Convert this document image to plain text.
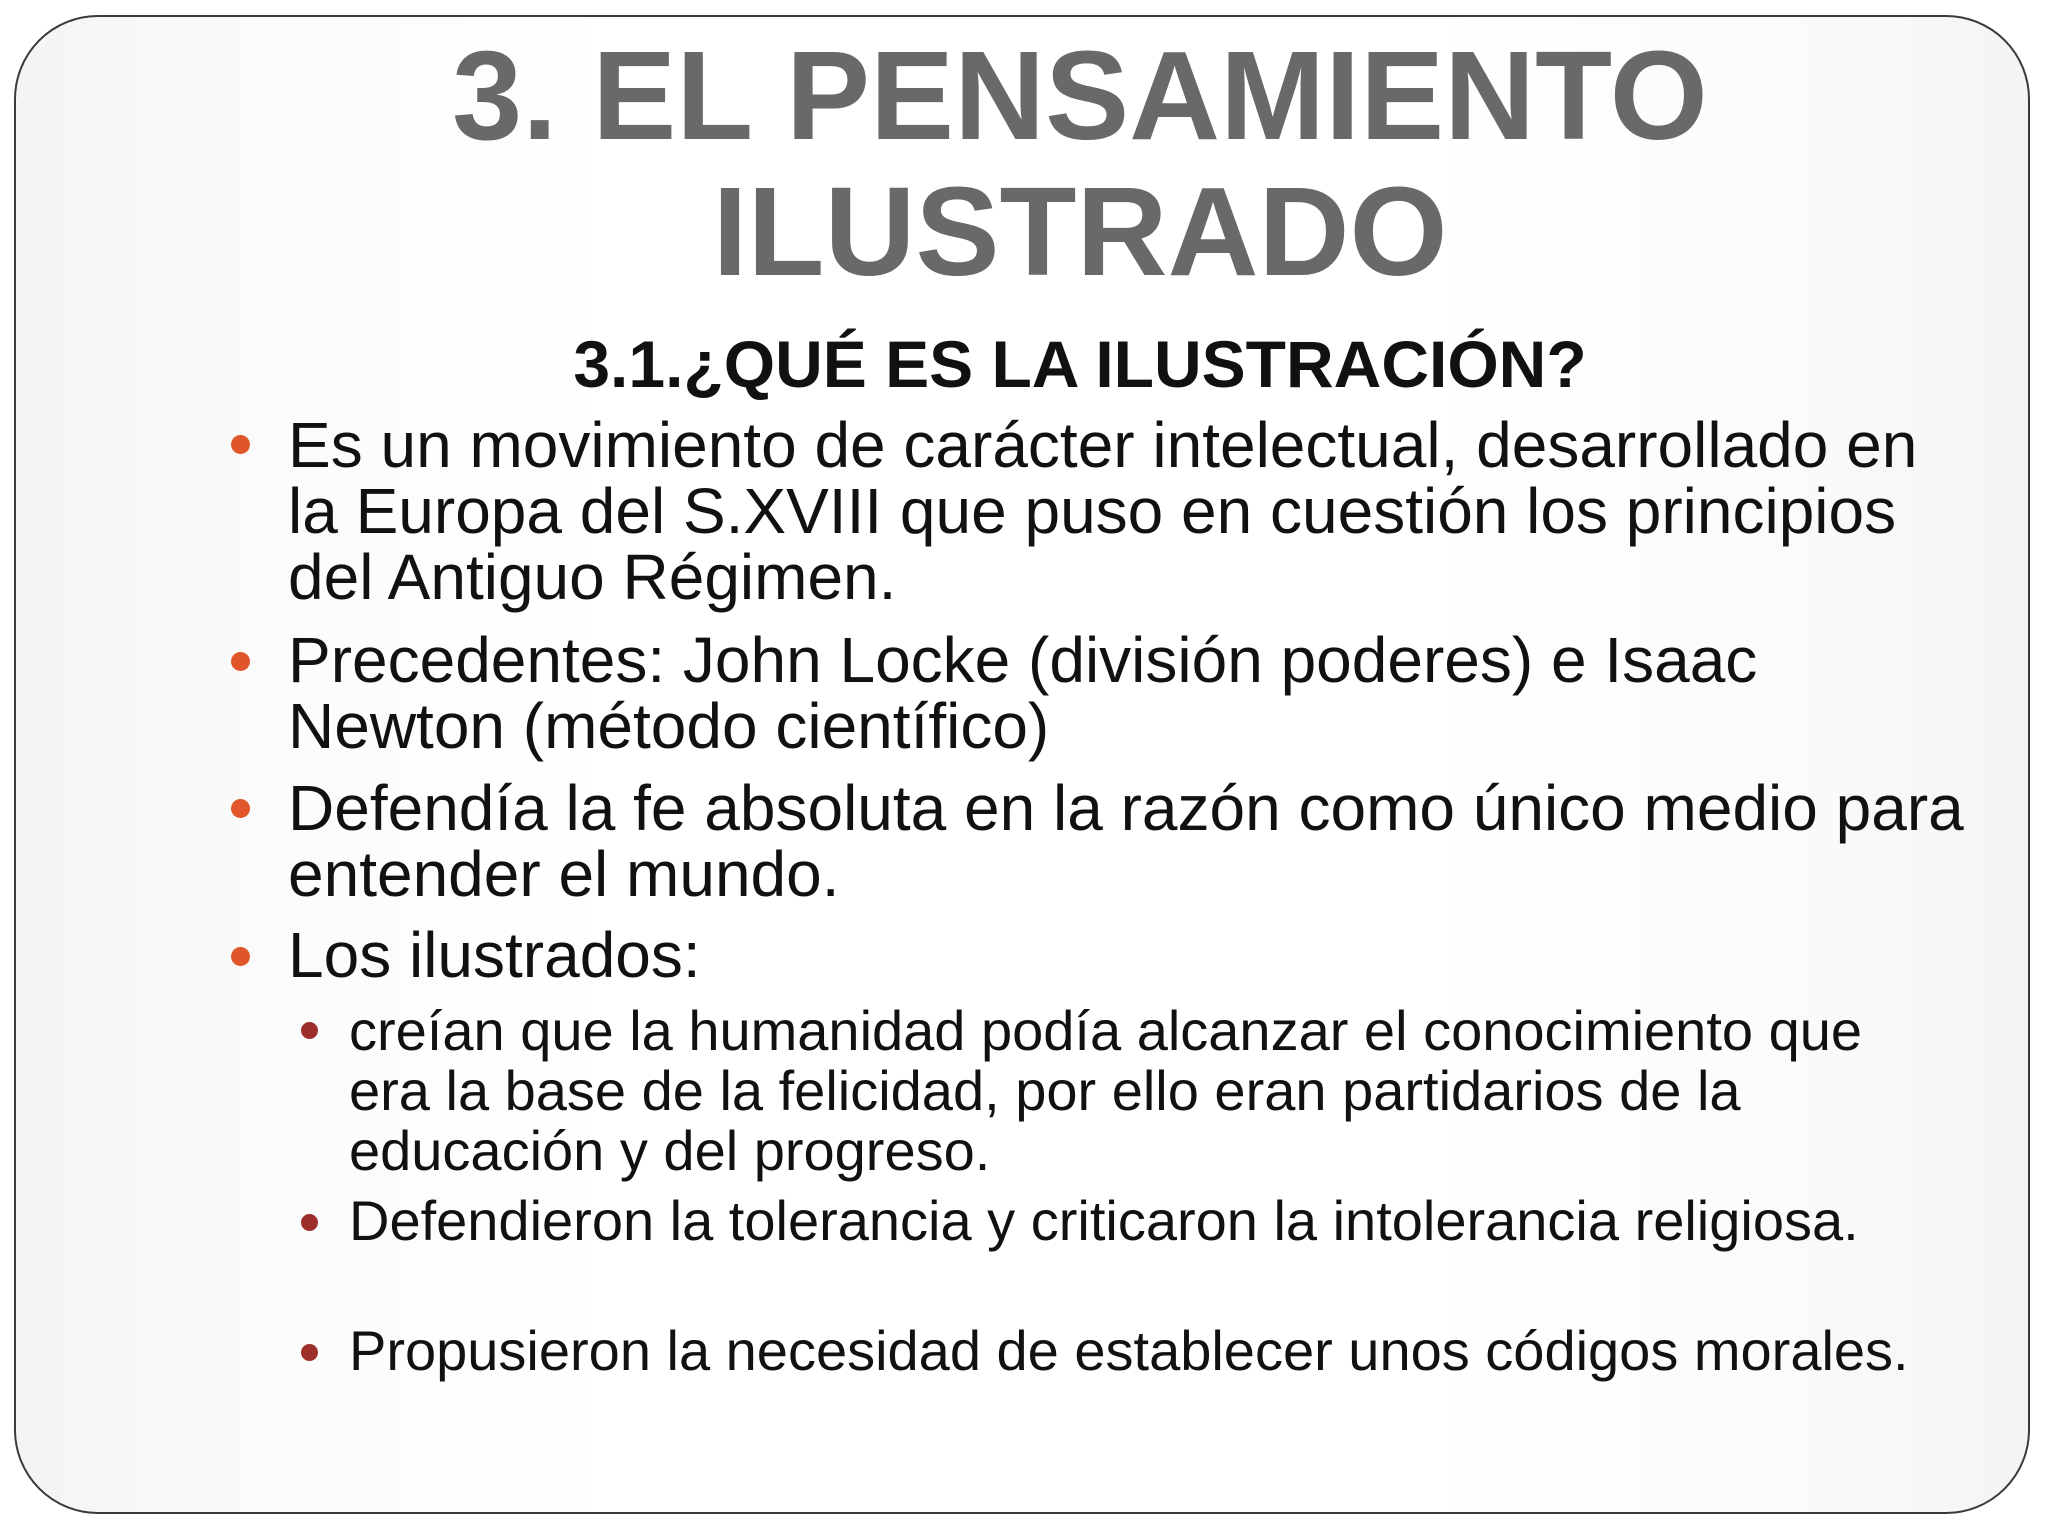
3. EL PENSAMIENTO ILUSTRADO
3.1.¿QUÉ ES LA ILUSTRACIÓN?

Es un movimiento de carácter intelectual, desarrollado en la Europa del S.XVIII que puso en cuestión los principios del Antiguo Régimen.

Precedentes: John Locke (división poderes) e Isaac Newton (método científico)

Defendía la fe absoluta en la razón como único medio para entender el mundo.

Los ilustrados:

creían que la humanidad podía alcanzar el conocimiento que era la base de la felicidad, por ello eran partidarios de la educación y del progreso.

Defendieron la tolerancia y criticaron la intolerancia religiosa.

Propusieron la necesidad de establecer unos códigos morales.
